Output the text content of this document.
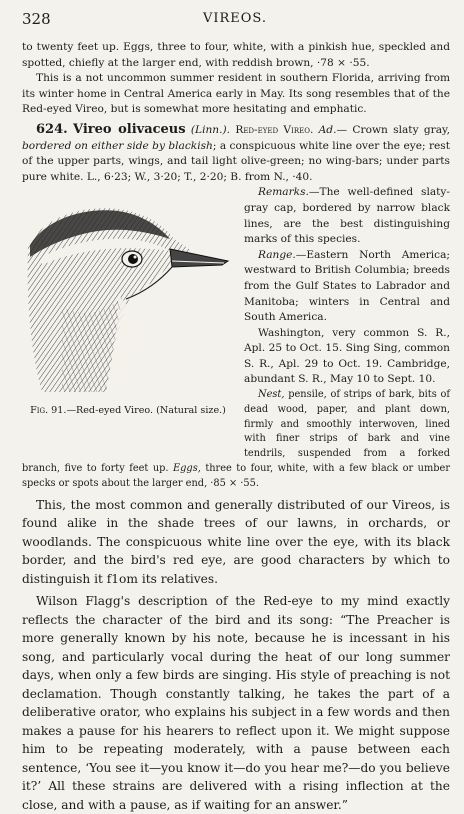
328	VIREOS.

to twenty feet up. Eggs, three to four, white, with a pinkish hue, speckled and spotted, chiefly at the larger end, with reddish brown, ·78 × ·55.

This is a not uncommon summer resident in southern Florida, arriving from its winter home in Central America early in May. Its song resembles that of the Red-eyed Vireo, but is somewhat more hesitating and emphatic.

624. Vireo olivaceus (Linn.). Red-eyed Vireo. Ad.— Crown slaty gray, bordered on either side by blackish; a conspicuous white line over the eye; rest of the upper parts, wings, and tail light olive-green; no wing-bars; under parts pure white. L., 6·23; W., 3·20; T., 2·20; B. from N., ·40.

Fig. 91.—Red-eyed Vireo. (Natural size.)

Remarks.—The well-defined slaty-gray cap, bordered by narrow black lines, are the best distinguishing marks of this species.

Range.—Eastern North America; westward to British Columbia; breeds from the Gulf States to Labrador and Manitoba; winters in Central and South America.

Washington, very common S. R., Apl. 25 to Oct. 15. Sing Sing, common S. R., Apl. 29 to Oct. 19. Cambridge, abundant S. R., May 10 to Sept. 10.

Nest, pensile, of strips of bark, bits of dead wood, paper, and plant down, firmly and smoothly interwoven, lined with finer strips of bark and vine tendrils, suspended from a forked branch, five to forty feet up. Eggs, three to four, white, with a few black or umber specks or spots about the larger end, ·85 × ·55.

This, the most common and generally distributed of our Vireos, is found alike in the shade trees of our lawns, in orchards, or woodlands. The conspicuous white line over the eye, with its black border, and the bird's red eye, are good characters by which to distinguish it f1om its relatives.

Wilson Flagg's description of the Red-eye to my mind exactly reflects the character of the bird and its song: “The Preacher is more generally known by his note, because he is incessant in his song, and particularly vocal during the heat of our long summer days, when only a few birds are singing. His style of preaching is not declamation. Though constantly talking, he takes the part of a deliberative orator, who explains his subject in a few words and then makes a pause for his hearers to reflect upon it. We might suppose him to be repeating moderately, with a pause between each sentence, ‘You see it—you know it—do you hear me?—do you believe it?’ All these strains are delivered with a rising inflection at the close, and with a pause, as if waiting for an answer.”
